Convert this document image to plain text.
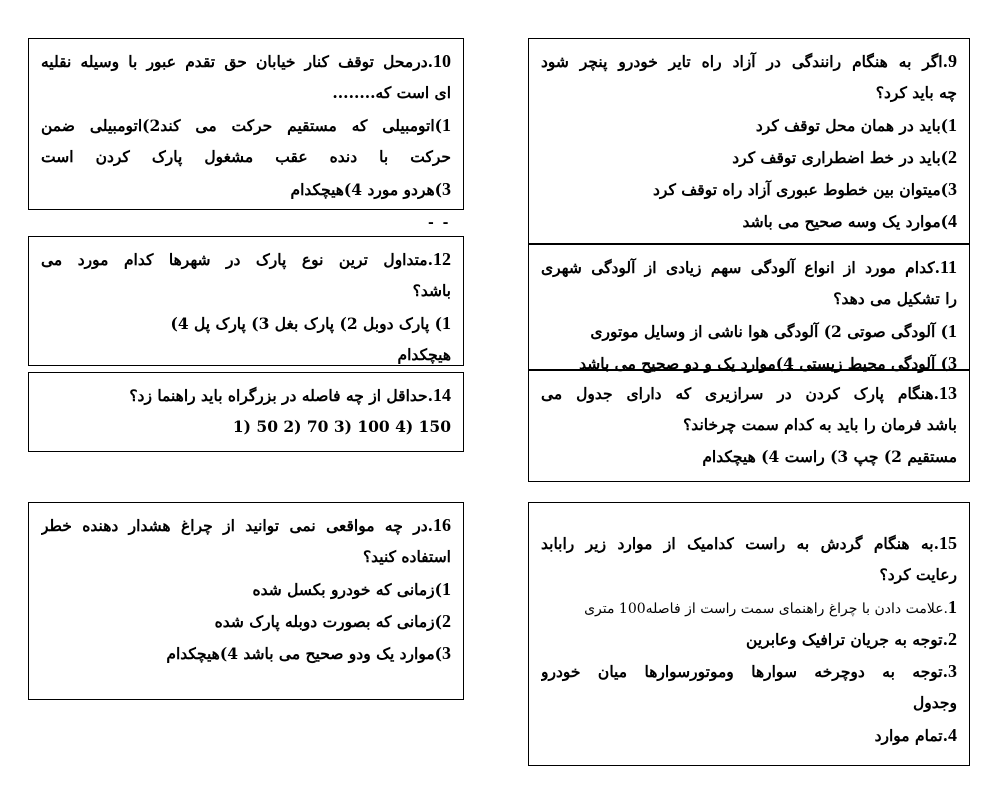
10.درمحل توقف کنار خیابان حق تقدم عبور با وسیله نقلیه
ای است که........
1)اتومبیلی که مستقیم حرکت می کند2)اتومبیلی ضمن
حرکت با دنده عقب مشغول پارک کردن است
3)هردو مورد 4)هیچکدام
- -
9.اگر به هنگام رانندگی در آزاد راه تایر خودرو پنچر شود
چه باید کرد؟
1)باید در همان محل توقف کرد
2)باید در خط اضطراری توقف کرد
3)میتوان بین خطوط عبوری آزاد راه توقف کرد
4)موارد یک وسه صحیح می باشد
12.متداول ترین نوع پارک در شهرها کدام مورد می
باشد؟
1) پارک دوبل 2) پارک بغل 3) پارک پل 4)
هیچکدام
11.کدام مورد از انواع آلودگی سهم زیادی از آلودگی شهری
را تشکیل می دهد؟
1) آلودگی صوتی 2) آلودگی هوا ناشی از وسایل موتوری
3) آلودگی محیط زیستی 4)موارد یک و دو صحیح می باشد
14.حداقل از چه فاصله در بزرگراه باید راهنما زد؟
1) 50 2) 70 3) 100 4) 150
13.هنگام پارک کردن در سرازیری که دارای جدول می
باشد فرمان را باید به کدام سمت چرخاند؟
مستقیم 2) چپ 3) راست 4) هیچکدام
16.در چه مواقعی نمی توانید از چراغ هشدار دهنده خطر
استفاده کنید؟
1)زمانی که خودرو بکسل شده
2)زمانی که بصورت دوبله پارک شده
3)موارد یک ودو صحیح می باشد 4)هیچکدام
15.به هنگام گردش به راست کدامیک از موارد زیر رابابد
رعایت کرد؟
1.علامت دادن با چراغ راهنمای سمت راست از فاصله100 متری
2.توجه به جریان ترافیک وعابرین
3.توجه به دوچرخه سوارها وموتورسوارها میان خودرو
وجدول
4.تمام موارد
